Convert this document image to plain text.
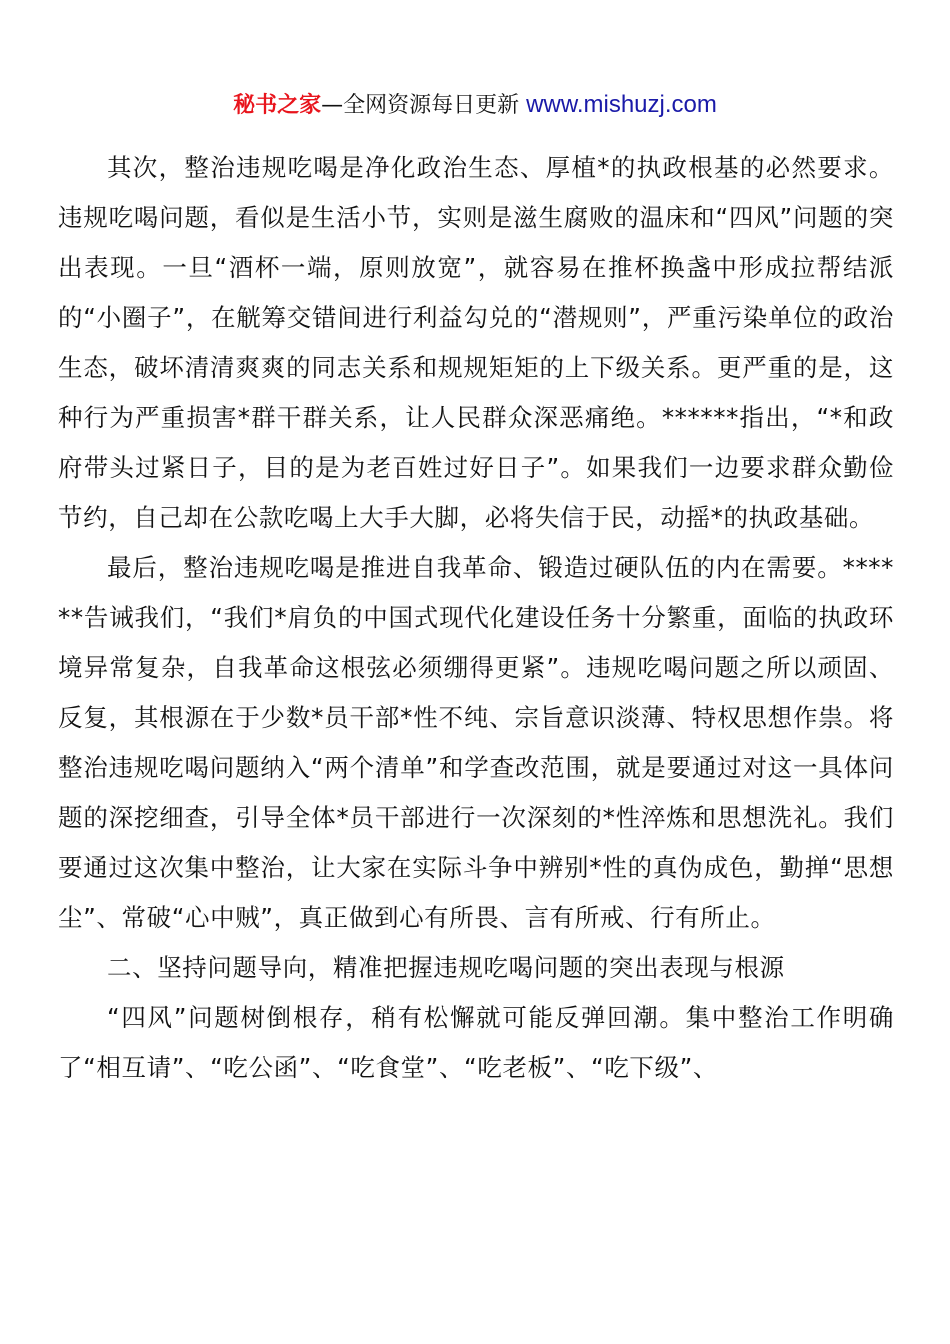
秘书之家—全网资源每日更新 www.mishuzj.com

其次，整治违规吃喝是净化政治生态、厚植*的执政根基的必然要求。违规吃喝问题，看似是生活小节，实则是滋生腐败的温床和“四风”问题的突出表现。一旦“酒杯一端，原则放宽”，就容易在推杯换盏中形成拉帮结派的“小圈子”，在觥筹交错间进行利益勾兑的“潜规则”，严重污染单位的政治生态，破坏清清爽爽的同志关系和规规矩矩的上下级关系。更严重的是，这种行为严重损害*群干群关系，让人民群众深恶痛绝。******指出，“*和政府带头过紧日子，目的是为老百姓过好日子”。如果我们一边要求群众勤俭节约，自己却在公款吃喝上大手大脚，必将失信于民，动摇*的执政基础。

最后，整治违规吃喝是推进自我革命、锻造过硬队伍的内在需要。******告诫我们，“我们*肩负的中国式现代化建设任务十分繁重，面临的执政环境异常复杂，自我革命这根弦必须绷得更紧”。违规吃喝问题之所以顽固、反复，其根源在于少数*员干部*性不纯、宗旨意识淡薄、特权思想作祟。将整治违规吃喝问题纳入“两个清单”和学查改范围，就是要通过对这一具体问题的深挖细查，引导全体*员干部进行一次深刻的*性淬炼和思想洗礼。我们要通过这次集中整治，让大家在实际斗争中辨别*性的真伪成色，勤掸“思想尘”、常破“心中贼”，真正做到心有所畏、言有所戒、行有所止。

二、坚持问题导向，精准把握违规吃喝问题的突出表现与根源

“四风”问题树倒根存，稍有松懈就可能反弹回潮。集中整治工作明确了“相互请”、“吃公函”、“吃食堂”、“吃老板”、“吃下级”、
